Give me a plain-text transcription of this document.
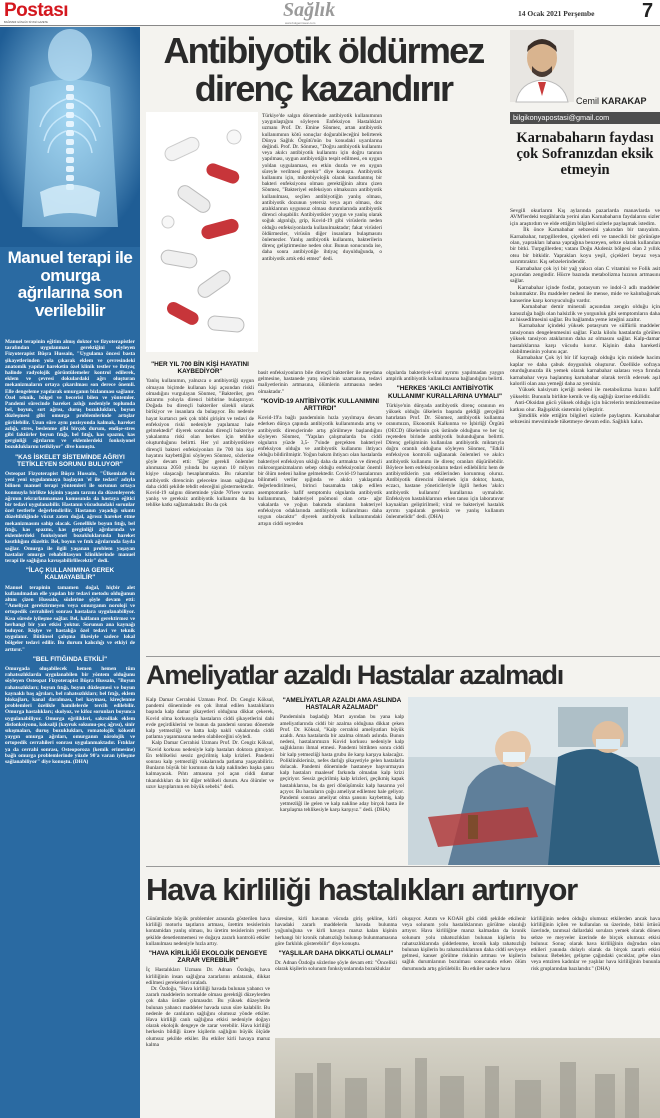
Postası
BAĞIMSIZ GÜNLÜK SİYASİ GAZETE
Sağlık
www.bolgeninsesi.com
14 Ocak 2021 Perşembe	7
Manuel terapi ile omurga ağrılarına son verilebilir
Manuel terapinin eğitim almış doktor ve fizyoterapistler tarafından uygulanması gerektiğini söyleyen Fizyoterapist Büşra Hussain, "Uygulama öncesi basta şikayetlerinden yola çıkarak eklem ve çevresindeki anatomik yapılar hareketin özel klinik testler ve ihtiyaç halinde radyolojik görüntülemeler kontrol edilerek, eklem ve çevresi dokulardaki ağrı oluşturan mekanizmaların ortaya çıkarılması son derece önemli. Elle dengeleme yapılarak omurganın bizlanması sağlanır. Özel teknik, bölgel ve becerisi bilen ve yöntemler. Pandemi sürecinde hareket azlığı nedeniyle toplumda bel, boyun, sırt ağrısı, duruş bozuklukları, boyun düzleşmesi gibi omurga problemlerinde artışlar görülebilir. Uzun süre aynı pozisyonda kalmak, hareket azlığı, stres, beslenme gibi birçok durum, endişe-stres gibi faktörler boyun fıtığı, bel fıtığı, kas spazmı, kas gerginliği ağrılarını ve eklemlerdeki fonksiyonel bozukluklarını tetikliyor" dive konuştu.
"KAS İSKELET SİSTEMİNDE AĞRIYI TETİKLEYEN SORUNU BULUYOR"
Osteopat Fizyoterapist Büşra Hussain, "Ülkemizde öz yeni yeni uygulanmaya başlayan 'el ile tedavi' adıyla bilinen manuel terapi yöntemleri ile sorunun ortaya konmuyla birlikte kişinin yaşam tarzını da düzenleyerek ağrının tekrarlanmaması konusunda da hastaya eğitici bir tedavi uygulanabilir. Hastanın vücudundaki sorunlar özel testlerle değerlendirilir. Hastanın yaşadığı sıkıntı düzeltildiğinde vücut zaten doğal, ağrısız hareket etme mekanizmasını sahip olacak. Genellikle boyun fıtığı, bel fıtığı, kas spazmı, kas gerginliği ağrılarında ve eklemlerdeki fonksiyonel bozukluklarında hareket kısıtlılığını düzeltir. Bel, boyun ve fıtık ağrılarında fayda sağlar. Omurga ile ilgili yaşanan problem yaşayan hastalar omurga rehabilitasyon kliniklerinde manuel terapi ile sağlığına kavuşabilirlilecektir" dedi.
"İLAÇ KULLANIMINA GEREK KALMAYABİLİR"
Manuel terapinin tamamen doğal, hiçbir alet kullanılmadan elle yapılan bir tedavi metodu olduğunun altını çizen Hussain, sözlerine şöyle devam etti: "Ameliyat gerektirmeyen veya omurganın noroloji ve ortopedik cerrahileri sonrası hastalara uygulanabiliyor. Kısa sürede iyileşme sağlar. Bel, kalfanın gerektirmez ve herhangi bir yan etkisi yoktur. Sorunun ana kaynağı buluyor. Kişiye ve hastalığa özel tedavi ve teknik uygulanır. Bütünsel çalışma ilkesiyle sadece lokal bölgeler tedavi edilir. Bu durum kalıcılığı ve etkiyi de arttırır."
"BEL FITIĞINDA ETKİLİ"
Omurgada oluşabilecek hemen hemen tüm rahatsızlıklarda uygulanabilen bir yöntem olduğunu söyleyen Osteopat Fizyoterapist Büşra Hussain, "Boyun rahatsızlıkları; boyun fıtığı, boyun düzleşmesi ve boyun kaynaklı baş ağrıları, bel rahatsızlıkları; bel fıtığı, eklem blokajları, kanal daralması, bel kayması, kireçlenme problemleri özelikle hamilelerde tercih edilebilir. Omurga hastalıkları; skolyoz, ve kifoz sorunları boyunca uygulanabiliyor. Omurga eğrilikleri, sakroiliak eklem disfonksiyonu, koksalji (kayruk sokumu-poç ağrısı), sinir sıkışmaları, duruş bozuklukları, romatolojik kökenli yaygın omurga ağrıları, omurganın nörolojik ve ortopedik cerrahileri sonrası uygulanmaktadır. Fıtıklar ya da cerrahi sonrası, Osteoporoza (kemik erimesine) bağlı omurga problemlerinde yüzde 90'a varan iyileşme sağlanabiliyor" diye konuştu. (DHA)
Antibiyotik öldürmez
direnç kazandırır
Türkiye'de salgın döneminde antibiyotik kullanımının yaygınlaştığını söyleyen Enfeksiyon Hastalıkları uzmanı Prof. Dr. Emine Sönmez, artan antibiyotik kullanımının kötü sonuçlar doğurabileceğini belirterek Dünya Sağlık Örgütü'nün bu konudaki uyarılarına değindi. Prof. Dr. Sönmez, "Doğru antibiyotik kullanımı veya akılcı antibiyotik kullanımı için doğru tanının yapılması, uygun antibiyotiğin tespit edilmesi, en uygun yoldan uygulanması, en etkin dozda ve en uygun süreyle verilmesi gerekir" diye konuştu. Antibiyotik kullanımı için, mikrobiyolojik olarak kanıtlanmış bir bakteri enfeksiyonu olması gerektiğinin altını çizen Sönmez, "Bakteriyel enfeksiyon olmaksızın antibiyotik kullanılması, seçilen antibiyotiğin yanlış olması, antibiyotik dozunun yetersiz veya aşırı olması, doz aralıklarının uygunsuz olması durumlarında antibiyotik direnci oluşabilir. Antibiyotikler yaygın ve yanlış olarak soğuk algınlığı, grip, Kovid-19 gibi virüslerin neden olduğu enfeksiyonlarda kullanılmaktadır; fakat virüsleri öldürmezler, virüsün diğer insanlara bulaşmasını önlemezler. Yanlış antibiyotik kullanımı, bakterilerin direnç geliştirmesine neden olur. Bunun sonucunda ise, daha sonra antibiyotiğe ihtiyaç duyulduğunda, o antibiyotik artık etki etmez" dedi.
"HER YIL 700 BİN KİŞİ HAYATINI KAYBEDİYOR"
Yanlış kullanımın, yalnızca o antibiyotiği uygun olmayan biçimde kullanan kişi açısından riskli olmadığını vurgulayan Sönmez, "Bakteriler, gen aktarımı yoluyla direnci birbirine bulaştırıyor. Doğada bu dirençli bakteriler sürekli olarak birikiyor ve insanlara da bulaşıyor. Bu nedenle hayat kurtarıcı pek çok tıbbi girişim ve tedavi de enfeksiyon riski nedeniyle yapılamaz hale gelmektedir" diyerek sorundan dirençli bakteriye yakalanma riski olan herkes için tehlike oluşturduğunu belirtti. Her yıl antibiyotiklere dirençli bakteri enfeksiyonları ile 700 bin kişi hayatını kaybettiğini söyleyen Sönmez, sözlerine şöyle devam etti: "Eğer gerekli önlemler alınmazsa 2050 yılında bu sayının 10 milyon kişiye ulaşacağı hesaplanmakta. Bu rakamlar antibiyotik direncinin gelecekte insan sağlığına daha ciddi şekilde tehdit edeceğini göstermektedir. Kovid-19 salgını döneminde yüzde 70'lere varan yanlış ve gereksiz antibiyotik kullanımı da bu tehlike katkı sağlamaktadır. Bu da çok
basit enfeksiyonların bile dirençli bakteriler ile meydana gelmesine, hastanede yatış sürecinin uzamasına, tedavi maliyetlerinin artmasına, ölümlerin artmasına neden olmaktadır."
"KOVİD-19 ANTİBİYOTİK KULLANIMINI ARTTIRDI"
Kovid-19'a bağlı pandeminin hızla yayılmaya devam ederken dünya çapında antibiyotik kullanımında artış ve antibiyotik dirençlerinde artış görülmeye başlandığını söyleyen Sönmez, "Yapılan çalışmalarda bu ciddi olguların yüzde 3,5- 7'sinde gerçekten bakteriyel enfeksiyon olduğu ve antibiyotik kullanımı ihtiyacı olduğu bildirilmiştir. Yoğun bakım ihtiyacı olan hastalarda bakteriyel enfeksiyon sıklığı daha da artmakta ve dirençli mikroorganizmaların sebep olduğu enfeksiyonlar önemli bir ölüm nedeni haline gelmektedir. Covid-19 hastalarının bilinmeli veriler ışığında ve akılcı yaklaşımla değerlendirilmesi, birinci basamakta takip edilen asemptomatik- hafif semptomlu olgularda antibiyotik kullanımının, bakteriyel pnömoni olan orta- ağır vakalarda ve yoğun bakımda olanların bakteriyel enfeksiyon odaklarında antibiyotik kullanılması daha uygun olacaktır" diyerek antibiyotik kullanımındaki artışın ciddi seyreden
olgularda bakteriyel-viral ayrımı yapılmadan yaygın ampirik antibiyotik kullanılmasına bağlandığını belirtti.
"HERKES 'AKILCI ANTİBİYOTİK KULLANIMI' KURALLARINA UYMALI"
Türkiye'nin dünyada antibiyotik direnç oranının en yüksek olduğu ülkelerin başında geldiği gerçeğini hatırlatan Prof. Dr. Sönmez, antibiyotik kullanma oranımızın, Ekonomik Kalkınma ve İşbirliği Örgütü (OECD) ülkelerinin çok üstünde olduğunu ve her üç reçeteden birinde antibiyotik bulunduğunu belirtti. Direnç gelişiminin kullanılan antibiyotik miktarıyla doğru orantılı olduğunu söyleyen Sönmez, "Etkili enfeksiyon kontrolü sağlanarak önlemleri ve akılcı antibiyotik kullanımı ile direnç oranları düşürülebilir. Böylece hem enfeksiyonların tedavi edilebiliriz hem de antibiyotiklerin yan etkilerinden korunmuş oluruz. Antibiyotik direncini önlemek için doktor, hasta, eczacı, hastane yöneticileriyle ilgili herkes 'akılcı antibiyotik kullanımı' kurallarına uymalıdır. Enfeksiyon hastalıklarının erken tanısı için laboratuvar kaynakları geliştirilmeli; viral ve bakteriyel hastalık ayrımı yapılarak gereksiz ve yanlış kullanım önlenmelidir" dedi. (DHA)
Cemil KARAKAP
bilgikonyapostasi@gmail.com
Karnabaharın faydası çok Sofranızdan eksik etmeyin
Sevgili okurlarım Kış aylarında pazarlarda manavlarda ve AVM'lerdeki tezgâhlarda yerini alan Karnabaharın faydalarını sizler için araştırdım ve elde ettiğim bilgileri sizlerle paylaşmak istedim.
İlk önce Karnabahar sebzesini yakından bir tanıyalım. Karnabahar, turpgillerden, çiçekleri etli ve tanecikli bir görünüşte olan, yaprakları lahana yaprağına benzeyen, sebze olarak kullanılan bir bitki. Turpgillerden; vatanı Doğu Akdeniz bölgesi olan 2 yıllık otsu bir bitkidir. Yaprakları koyu yeşil, çiçekleri beyaz veya sarımtıraktır. Kış sebzelerindendir.
Karnabahar çok iyi bir yağ yakıcı olan C vitamini ve Folik asit açısından zengindir. Hücre bazında metabolizma hızının artmasını sağlar.
Karnabahar içinde fosfat, potasyum ve indol-3 adlı maddeler bulunmaktır. Bu maddeler nedeni ile mense, mide ve kalınbağırsak kanserine karşı koruyuculuğu vardır.
Karnabahar demir minerali açısından zengin olduğu için kansızlığa bağlı olan halsizlik ve yorgunluk gibi semptomların daha az hissedilmesini sağlar. Bu bağlamda yeme isteğini azaltır.
Karnabahar içindeki yüksek potasyum ve sülfürlü maddeler tansiyonun dengelenmesini sağlar. Fazla kilolu hastalarda görülen yüksek tansiyon ataklarının daha az olmasını sağlar. Kalp-damar hastalıklarına karşı vücudu korur. Kişinin daha hareketli olabilmesinin yolunu açar.
Karnabahar Çok iyi bir lif kaynağı olduğu için midede hacim kaplar ve daha çabuk doygunluk oluşturur. Özellikle sofraya oturduğunuzda ilk yemek olarak karnabahar salatası veya fırında karnabahar veya haşlanmış karnabahar olarak tercih edersek aşıl kalorili olan ana yemeği daha az yersiniz.
Yüksek kalsiyum içeriği nedeni ile metabolizma hızını hafif yükseltir. Bununla birlikte kemik ve diş sağlığı üzerine etkilidir.
Anti-Oksidan gücü yüksek olduğu için hücrelerin temizlenmesine katkısı olur. Bağışıklık sistemini iyileştirir.
Şimdilik elde ettiğim bilgileri sizlerle paylaştım. Karnabahar sebzesini mevsiminde tüketmeye devam edin. Sağlıklı kalın.
Ameliyatlar azaldı Hastalar azalmadı
Kalp Damar Cerrahisi Uzmanı Prof. Dr. Cengiz Köksal, pandemi döneminde en çok ihmal edilen hastalıkların başında kalp damar şikayetleri olduğuna dikkat çekerek, Kovid olma korkusuyla hastaların ciddi şikayetlerini dahi evde geçirdiklerini ve bunun da pandemi sonrası dönemde kalp yetmezliği ve hatta kalp nakli vakalarında ciddi patlama yaşanmasına neden olabileceğini söyledi.
Kalp Damar Cerrahisi Uzmanı Prof. Dr. Cengiz Köksal, "Kovid korkusu nedeniyle kalp hastaları doktora gitmiyor. En tehlikelisi sessiz geçirilmiş kalp krizleri. Pandemi sonrası kalp yetmezliği vakalarında patlama yaşayabiliriz. Bunların büyük bir kısmının da kalp naklinden başka şansı kalmayacak. Pıhtı atmasına yol açan ciddi damar tıkanıklıkları da bir diğer tehlikeli durum. Anı ölümler ve uzuv kayıplarının en büyük sebebi." dedi.
"AMELİYATLAR AZALDI AMA ASLINDA HASTALAR AZALMADI"
Pandeminin başladığı Mart ayından bu yana kalp ameliyatlarında ciddi bir azalma olduğuna dikkat çeken Prof. Dr. Köksal, "Kalp cerrahisi ameliyatları büyük azaldı. Ama hastalarda bir azalma olmadı aslında. Bunun nedeni, hastalarımızın Kovid korkusu nedeniyle kalp sağlıklarını ihmal etmesi. Pandemi bittikten sonra ciddi bir kalp yetmezliği hasta grubu ile karşı karşıya kalacağız. Poliklinikleriniz, nefes darlığı şikayetiyle gelen hastalarla dolacak. Pandemi döneminde hastaneye başvurmayan kalp hastaları maalesef farkında olmadan kalp krizi geçiriyor. Sessiz geçirilmiş kalp krizleri, geçikmiş kapak hastalıklarına, bu da geri dönüşümsüz kalp hasarına yol açıyor. Bu hastaların çoğu ameliyat edilemez hale geliyor. Pandemi sonrası ameliyat olma şansını kaybetmiş, kalp yetmezliği ile gelen ve kalp nakline aday birçok hasta ile karşılaşma tehlikesiyle karşı karşıyız." dedi. (DHA)
Hava kirliliği hastalıkları artırıyor
Günümüzde büyük problemler arasında gösterilen hava kirliliği motorlu taşıtların artması, ürettim tesislerinin kontamidan yanlış olması, bu üretim tesislerinin yeterli şekilde denetlenmemesi ve doğaya zararlı kontrolü etkiler kullanılması nedeniyle hızla artıy.
"HAVA KİRLİLİĞİ EKOLOJİK DENGEYE ZARAR VEREBİLİR"
İç Hastalıkları Uzmanı Dr. Adnan Özdoğu, hava kirliliğinin insan sağlığına zararlarını anlatarak, dikkat edilmesi gerekenleri sıraladı.
Dr. Özdoğu, "Hava kirliliği havada bulunan yabancı ve zararlı maddelerin normalde olması gerektiği düzeylerden çok daha üstüne çıkmasıdır. Bu yüksek düzeylerde bulunan yabancı maddeler havada uzun süre kalabilir. Bu nedenle de canlıların sağlığını olumsuz yönde etkiler. Hava kirliliği canlı sağlığına etkisi nedeniyle doğayı olarak ekolojik dengeye de zarar verebilir. Hava kirliliği herkesin bildiği üzere kişilerin sağlığını büyük ölçüde olumsuz şekilde etkiler. Bu etkiler kirli havaya maruz kalma
süresine, kirli havanın vücuda giriş şekline, kirli havadaki zararlı maddelerin havada bulunma yoğunluğuna ve kirli havaya maruz kalan kişinin herhangi bir kronik rahatsızlığı bulunup bulunmamasına göre farklılık gösterebilir" diye konuştu.
"YAŞLILAR DAHA DİKKATLİ OLMALI"
Dr. Adnan Özdoğu sözlerine şöyle devam etti: "Öncelikli olarak kişilerin solunum fonksiyonlarında bozukluklar
oluşuyor. Astım ve KOAH gibi ciddi şekilde etkilenir veya solunum yolu hastalıklarının görülme olasılığı artıyor. Hava kirliliğine maruz kalmadan da kronik solunum yolu rahatsızlıkları bulunan kişilerin bu rahatsızlıklarında şiddetlenme, kronik kalp rahatsızlığı bulunan kişilerin bu rahatsızlıklarının daha ciddi seviyeye gelmesi, kanser görülme riskinin artması ve kişilerin sağlık durumlarının bozulması sonucunda erken ölüm durumunda artış görülebilir. Bu etkiler sadece hava
kirliliğinin neden olduğu olumsuz etkilerden ancak hava kirliliğinin içilen ve kullanılan su üzerinde, bitki örtüsü üzerinde, tarımsal dallardaki sorulara yemek olarak dönen sebze ve meyveler üzerinde de birçok olumsuz etkisi bulunur. Sonuç olarak hava kirliliğinin doğrudan olan etkileri yanında dolaylı olarak da birçok zararlı etkisi bulunur. Bebekler, gelişme çağındaki çocuklar, gebe olan veya emziren kadınlar ve yaşlılar hava kirliliğinin bununla risk gruplarından bazılarıdır." (DHA)
